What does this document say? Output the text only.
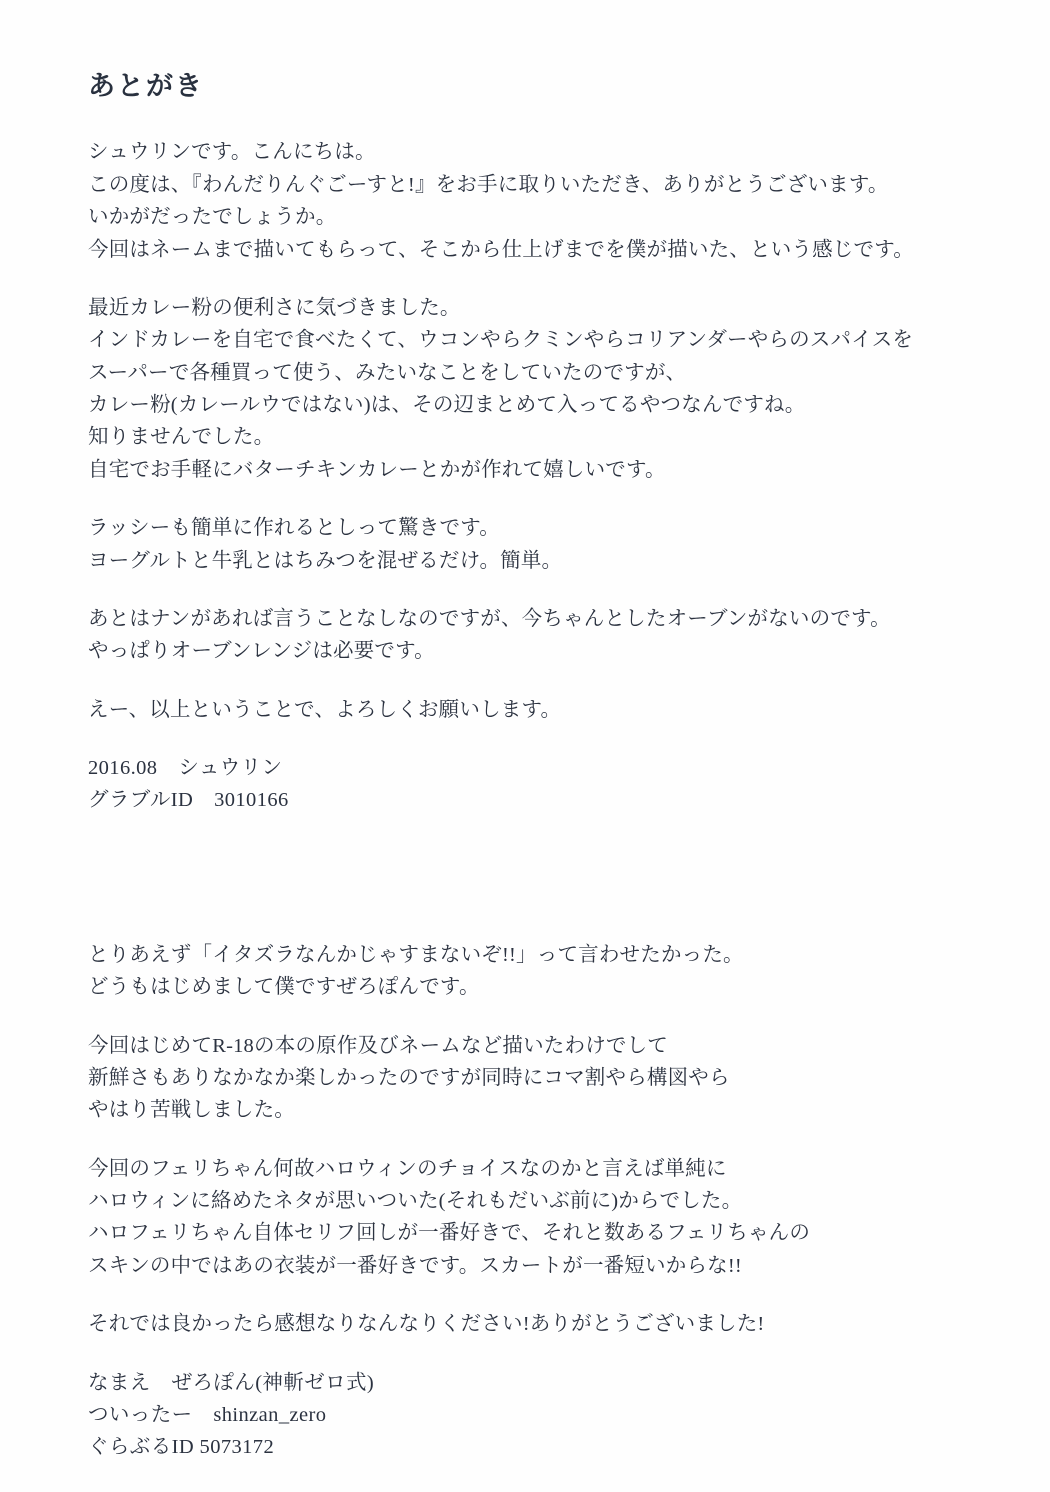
あとがき
シュウリンです。こんにちは。
この度は、『わんだりんぐごーすと!』をお手に取りいただき、ありがとうございます。
いかがだったでしょうか。
今回はネームまで描いてもらって、そこから仕上げまでを僕が描いた、という感じです。
最近カレー粉の便利さに気づきました。
インドカレーを自宅で食べたくて、ウコンやらクミンやらコリアンダーやらのスパイスを
スーパーで各種買って使う、みたいなことをしていたのですが、
カレー粉(カレールウではない)は、その辺まとめて入ってるやつなんですね。
知りませんでした。
自宅でお手軽にバターチキンカレーとかが作れて嬉しいです。
ラッシーも簡単に作れるとしって驚きです。
ヨーグルトと牛乳とはちみつを混ぜるだけ。簡単。
あとはナンがあれば言うことなしなのですが、今ちゃんとしたオーブンがないのです。
やっぱりオーブンレンジは必要です。
えー、以上ということで、よろしくお願いします。
2016.08　シュウリン
グラブルID　3010166
とりあえず「イタズラなんかじゃすまないぞ!!」って言わせたかった。
どうもはじめまして僕ですぜろぽんです。
今回はじめてR-18の本の原作及びネームなど描いたわけでして
新鮮さもありなかなか楽しかったのですが同時にコマ割やら構図やら
やはり苦戦しました。
今回のフェリちゃん何故ハロウィンのチョイスなのかと言えば単純に
ハロウィンに絡めたネタが思いついた(それもだいぶ前に)からでした。
ハロフェリちゃん自体セリフ回しが一番好きで、それと数あるフェリちゃんの
スキンの中ではあの衣装が一番好きです。スカートが一番短いからな!!
それでは良かったら感想なりなんなりください!ありがとうございました!
なまえ　ぜろぽん(神斬ゼロ式)
ついったー　shinzan_zero
ぐらぶるID 5073172
